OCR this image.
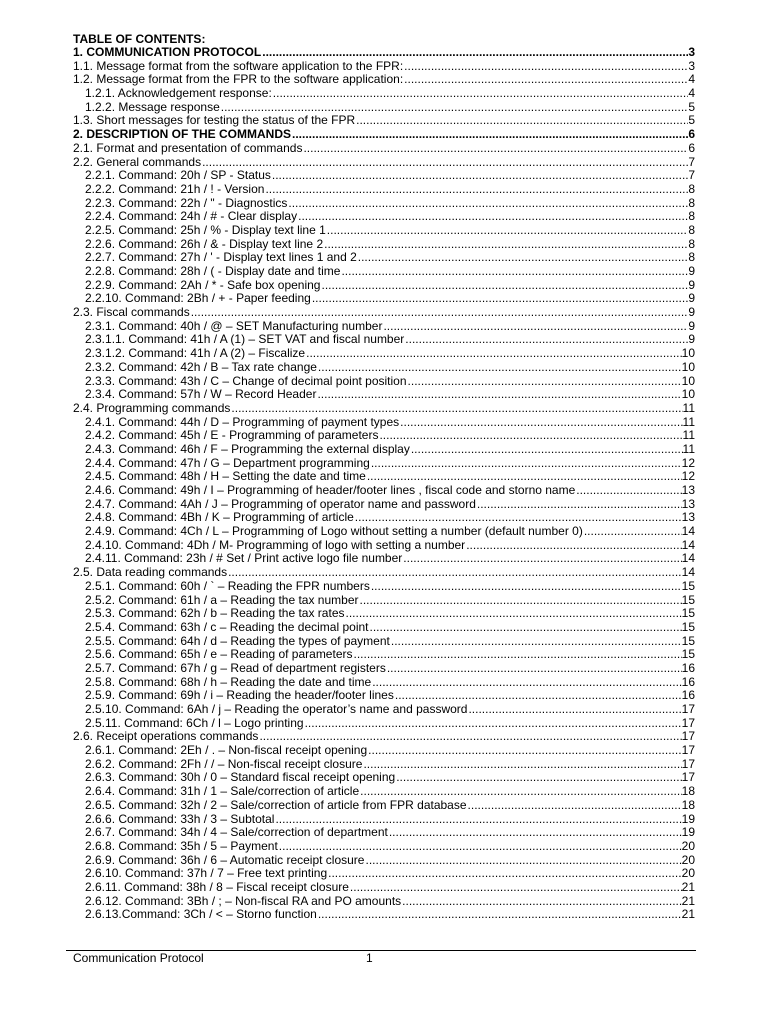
TABLE OF CONTENTS:
1. COMMUNICATION PROTOCOL .....	3
1.1. Message format from the software application to the FPR: .....	3
1.2. Message format from the FPR to the software application: .....	4
1.2.1. Acknowledgement response: .....	4
1.2.2. Message response .....	5
1.3. Short messages for testing the status of the FPR .....	5
2. DESCRIPTION OF THE COMMANDS .....	6
2.1. Format and presentation of commands .....	6
2.2. General commands .....	7
2.2.1. Command: 20h / SP - Status .....	7
2.2.2. Command: 21h / ! - Version .....	8
2.2.3. Command: 22h / " - Diagnostics .....	8
2.2.4. Command: 24h / # - Clear display .....	8
2.2.5. Command: 25h / % - Display text line 1 .....	8
2.2.6. Command: 26h / & - Display text line 2 .....	8
2.2.7. Command: 27h / ' - Display text lines 1 and 2 .....	8
2.2.8. Command: 28h / ( - Display date and time .....	9
2.2.9. Command: 2Ah / * - Safe box opening .....	9
2.2.10. Command: 2Bh / + - Paper feeding .....	9
2.3. Fiscal commands .....	9
2.3.1. Command: 40h / @ – SET Manufacturing number .....	9
2.3.1.1. Command: 41h / A (1) – SET VAT and fiscal number .....	9
2.3.1.2. Command: 41h / A (2) – Fiscalize .....	10
2.3.2. Command: 42h / B – Tax rate change .....	10
2.3.3. Command: 43h / C – Change of decimal point position .....	10
2.3.4. Command: 57h / W – Record Header .....	10
2.4. Programming commands .....	11
2.4.1. Command: 44h / D – Programming of payment types .....	11
2.4.2. Command: 45h / E - Programming of parameters .....	11
2.4.3. Command: 46h / F – Programming the external display .....	11
2.4.4. Command: 47h / G – Department programming .....	12
2.4.5. Command: 48h / H – Setting the date and time .....	12
2.4.6. Command: 49h / I – Programming of header/footer lines , fiscal code and storno name .....	13
2.4.7. Command: 4Ah / J – Programming of operator name and password .....	13
2.4.8. Command: 4Bh / K – Programming of article .....	13
2.4.9. Command: 4Ch / L – Programming of Logo without setting a number (default number 0) .....	14
2.4.10. Command: 4Dh / M- Programming of logo with setting a number .....	14
2.4.11. Command: 23h / # Set / Print active logo file number .....	14
2.5. Data reading commands .....	14
2.5.1. Command: 60h / ` – Reading the FPR numbers .....	15
2.5.2. Command: 61h / a – Reading the tax number .....	15
2.5.3. Command: 62h / b – Reading the tax rates .....	15
2.5.4. Command: 63h / c – Reading the decimal point .....	15
2.5.5. Command: 64h / d – Reading the types of payment .....	15
2.5.6. Command: 65h / e – Reading of parameters .....	15
2.5.7. Command: 67h / g – Read of department registers .....	16
2.5.8. Command: 68h / h – Reading the date and time .....	16
2.5.9. Command: 69h / i – Reading the header/footer lines .....	16
2.5.10. Command: 6Ah / j – Reading the operator’s name and password .....	17
2.5.11. Command: 6Ch / l – Logo printing .....	17
2.6. Receipt operations commands .....	17
2.6.1. Command: 2Eh / . – Non-fiscal receipt opening .....	17
2.6.2. Command: 2Fh / / – Non-fiscal receipt closure .....	17
2.6.3. Command: 30h / 0 – Standard fiscal receipt opening .....	17
2.6.4. Command: 31h / 1 – Sale/correction of article .....	18
2.6.5. Command: 32h / 2 – Sale/correction of article from FPR database .....	18
2.6.6. Command: 33h / 3 – Subtotal .....	19
2.6.7. Command: 34h / 4 – Sale/correction of department .....	19
2.6.8. Command: 35h / 5 – Payment .....	20
2.6.9. Command: 36h / 6 – Automatic receipt closure .....	20
2.6.10. Command: 37h / 7 – Free text printing .....	20
2.6.11. Command: 38h / 8 – Fiscal receipt closure .....	21
2.6.12. Command: 3Bh / ; – Non-fiscal RA and PO amounts .....	21
2.6.13.Command: 3Ch / < – Storno function .....	21
Communication Protocol	1
